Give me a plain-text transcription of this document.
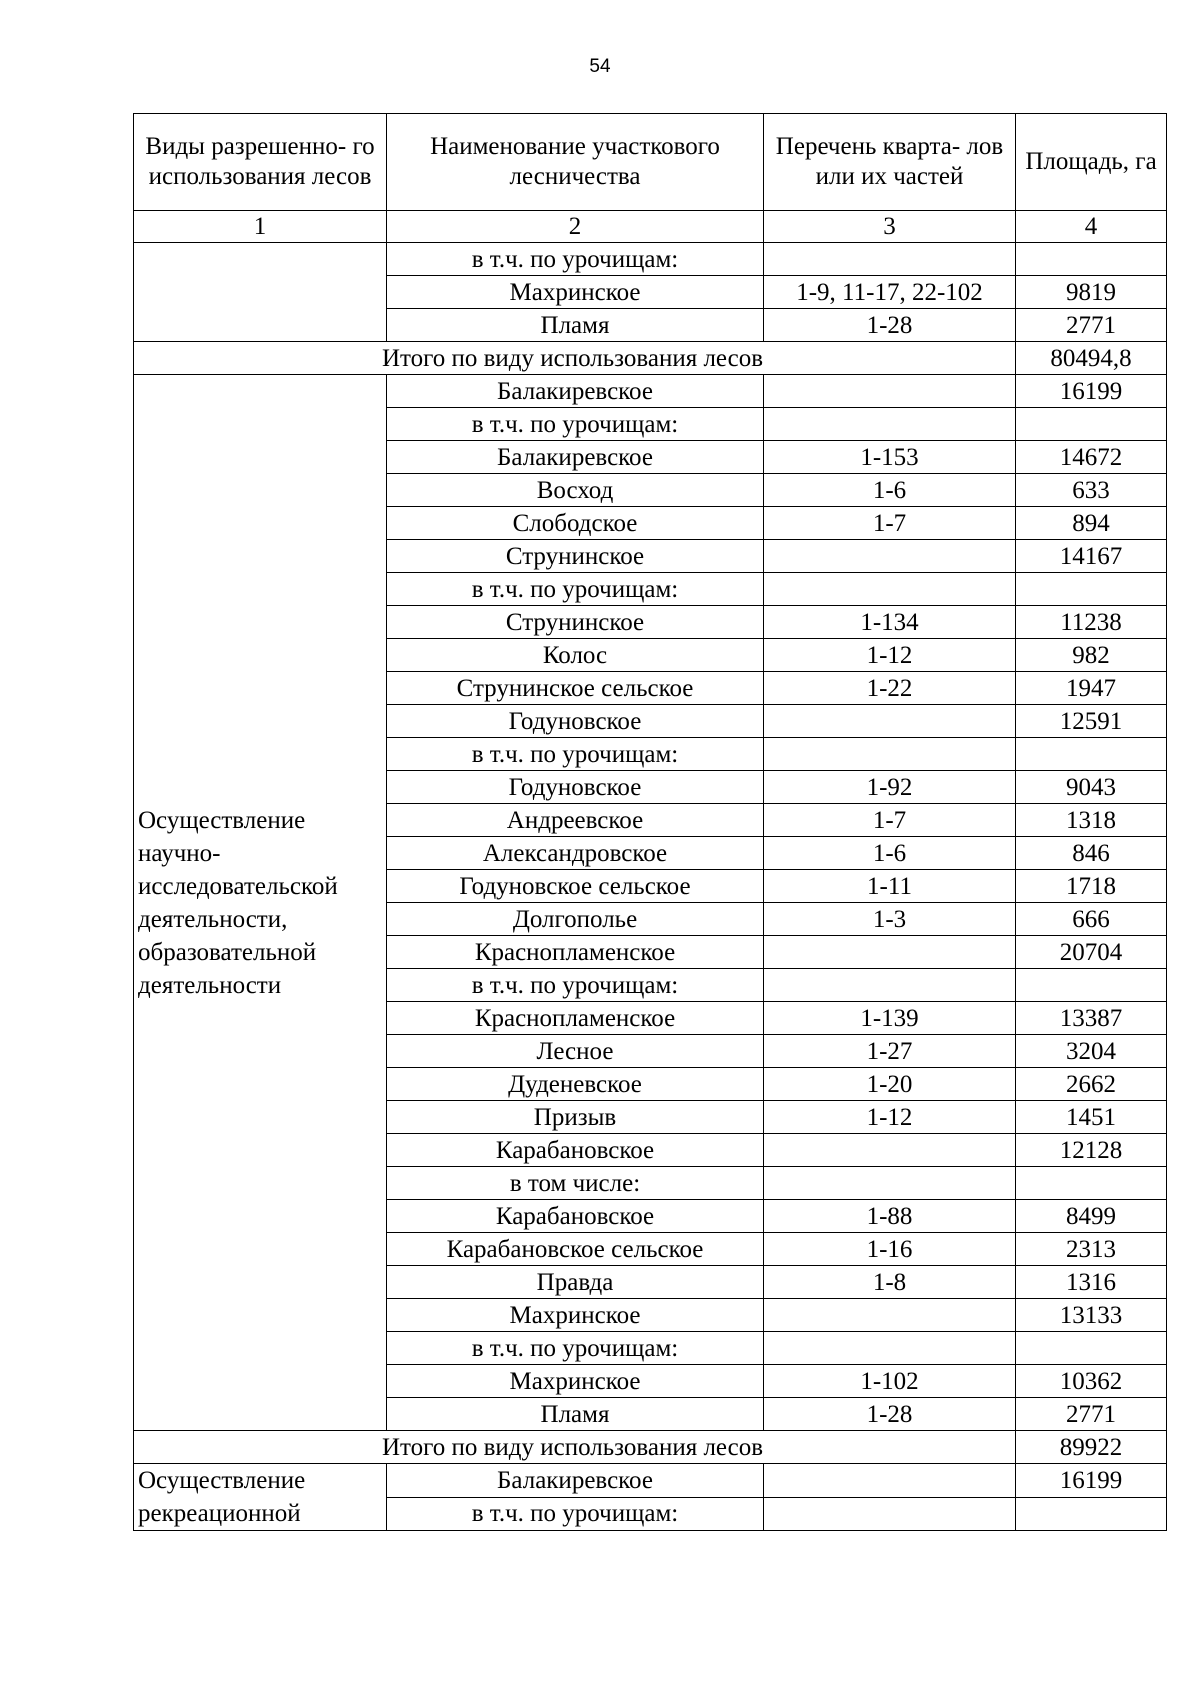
54
Виды разрешенно- го использования лесов	Наименование участкового лесничества	Перечень кварта- лов или их частей	Площадь, га
1	2	3	4
	в т.ч. по урочищам:		
	Махринское	1-9, 11-17, 22-102	9819
	Пламя	1-28	2771
Итого по виду использования лесов			80494,8
Осуществление научно- исследовательской деятельности, образовательной деятельности	Балакиревское		16199
	в т.ч. по урочищам:		
	Балакиревское	1-153	14672
	Восход	1-6	633
	Слободское	1-7	894
	Струнинское		14167
	в т.ч. по урочищам:		
	Струнинское	1-134	11238
	Колос	1-12	982
	Струнинское сельское	1-22	1947
	Годуновское		12591
	в т.ч. по урочищам:		
	Годуновское	1-92	9043
	Андреевское	1-7	1318
	Александровское	1-6	846
	Годуновское сельское	1-11	1718
	Долгополье	1-3	666
	Краснопламенское		20704
	в т.ч. по урочищам:		
	Краснопламенское	1-139	13387
	Лесное	1-27	3204
	Дуденевское	1-20	2662
	Призыв	1-12	1451
	Карабановское		12128
	в том числе:		
	Карабановское	1-88	8499
	Карабановское сельское	1-16	2313
	Правда	1-8	1316
	Махринское		13133
	в т.ч. по урочищам:		
	Махринское	1-102	10362
	Пламя	1-28	2771
Итого по виду использования лесов			89922
Осуществление рекреационной	Балакиревское		16199
	в т.ч. по урочищам:		
